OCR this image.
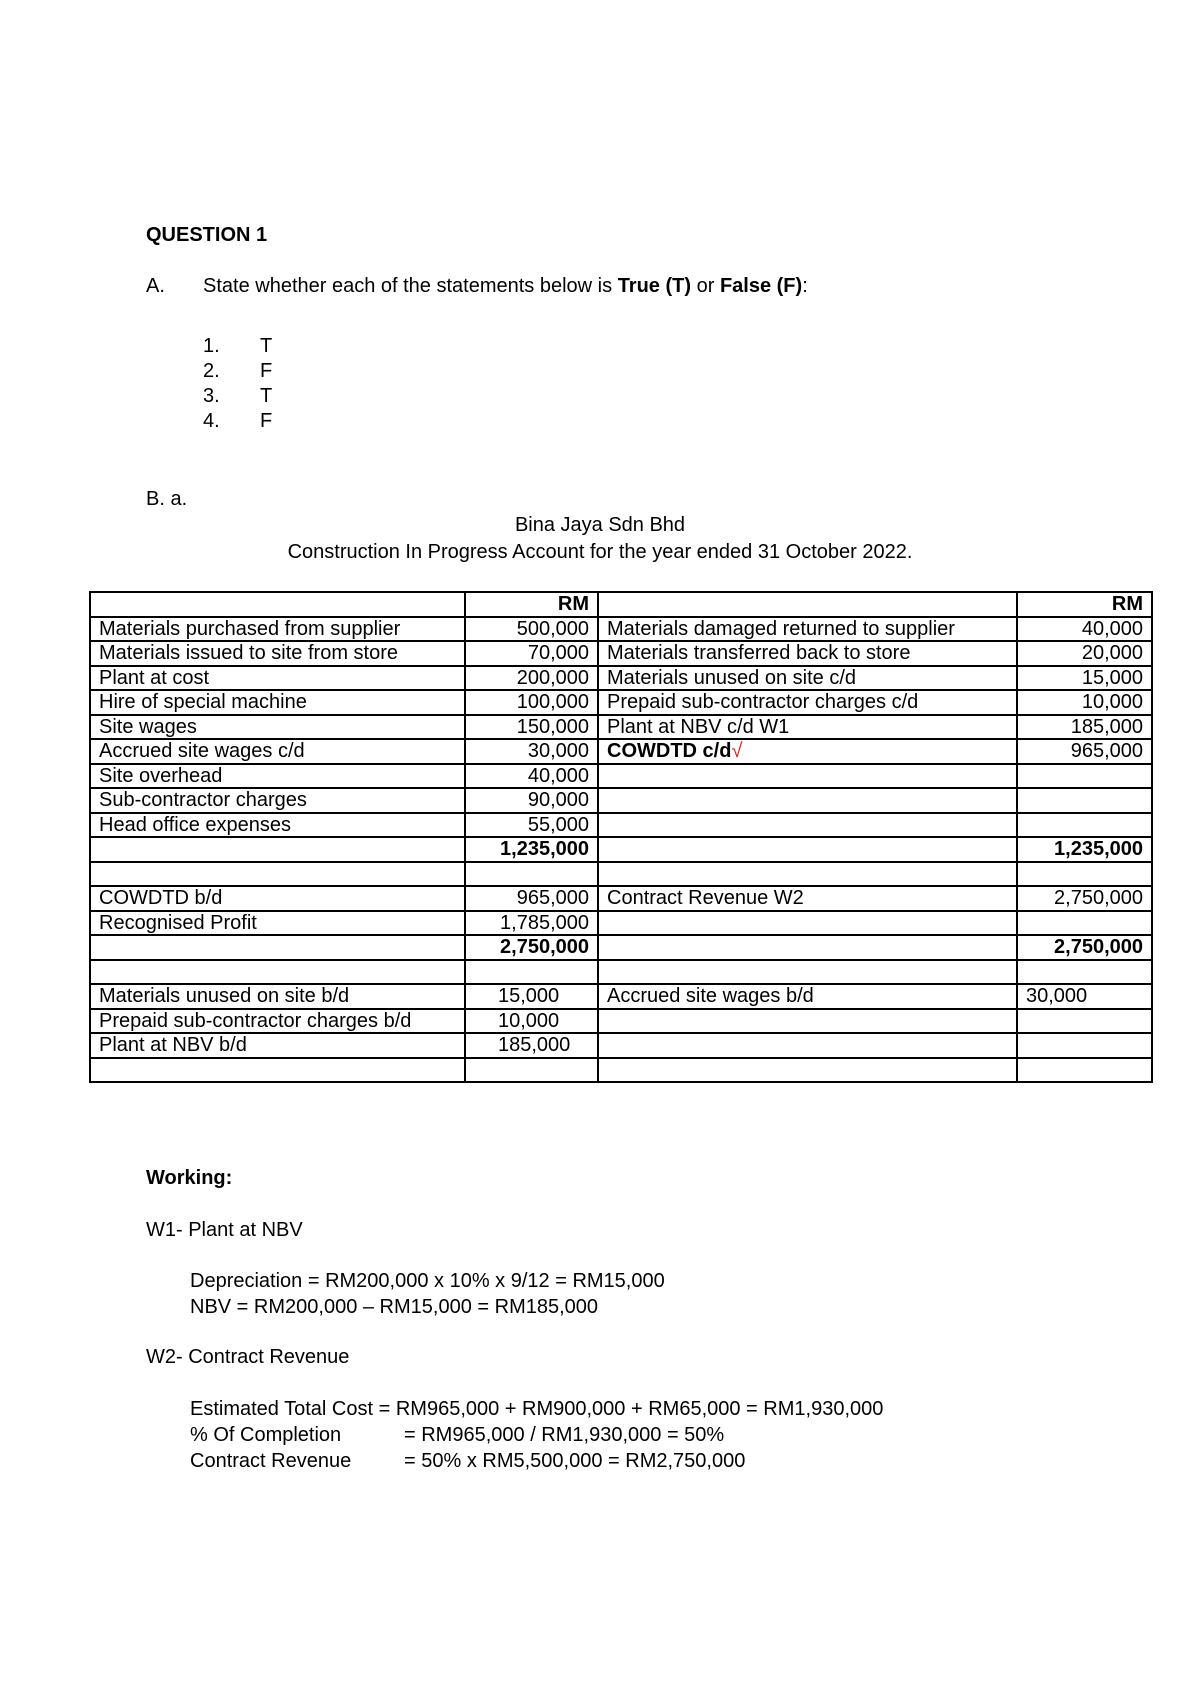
QUESTION 1
A. State whether each of the statements below is True (T) or False (F):
1. T
2. F
3. T
4. F
B. a.
Bina Jaya Sdn Bhd
Construction In Progress Account for the year ended 31 October 2022.
	RM		RM
Materials purchased from supplier	500,000	Materials damaged returned to supplier	40,000
Materials issued to site from store	70,000	Materials transferred back to store	20,000
Plant at cost	200,000	Materials unused on site c/d	15,000
Hire of special machine	100,000	Prepaid sub-contractor charges c/d	10,000
Site wages	150,000	Plant at NBV c/d W1	185,000
Accrued site wages c/d	30,000	COWDTD c/d√	965,000
Site overhead	40,000		
Sub-contractor charges	90,000		
Head office expenses	55,000		
	1,235,000		1,235,000

COWDTD b/d	965,000	Contract Revenue W2	2,750,000
Recognised Profit	1,785,000		
	2,750,000		2,750,000

Materials unused on site b/d	15,000	Accrued site wages b/d	30,000
Prepaid sub-contractor charges b/d	10,000		
Plant at NBV b/d	185,000		

Working:
W1- Plant at NBV
Depreciation = RM200,000 x 10% x 9/12 = RM15,000
NBV = RM200,000 – RM15,000 = RM185,000
W2- Contract Revenue
Estimated Total Cost = RM965,000 + RM900,000 + RM65,000 = RM1,930,000
% Of Completion	= RM965,000 / RM1,930,000 = 50%
Contract Revenue	= 50% x RM5,500,000 = RM2,750,000
